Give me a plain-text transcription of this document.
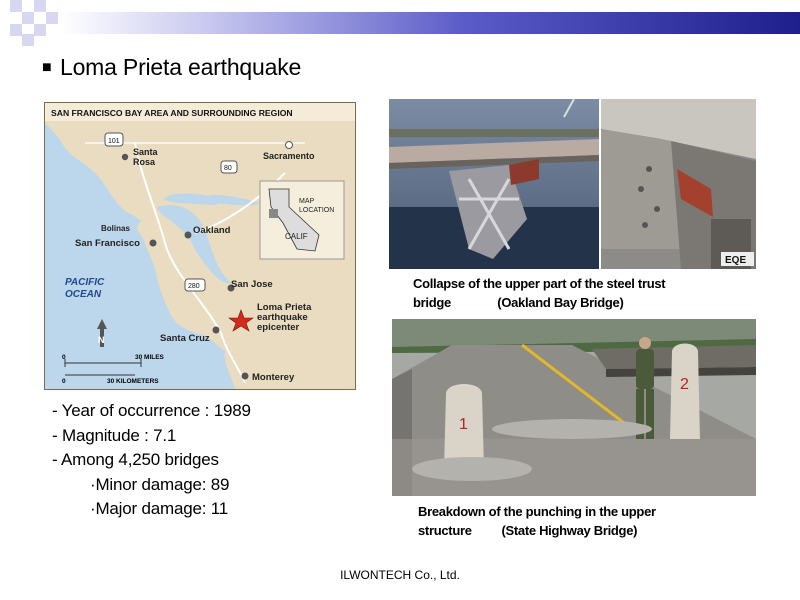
■ Loma Prieta earthquake
SAN FRANCISCO BAY AREA AND SURROUNDING REGION
101
80
280
Santa
Rosa
Sacramento
Bolinas	Oakland
San Francisco
San Jose
Santa Cruz
Monterey
PACIFIC
OCEAN
Loma Prieta
earthquake
epicenter
MAP
LOCATION
CALIF
N
0	30 MILES
0	30 KILOMETERS
EQE
Collapse of the upper part of the steel trust
bridge              (Oakland Bay Bridge)
1
2
Breakdown of the punching in the upper
structure         (State Highway Bridge)
- Year of occurrence : 1989
- Magnitude : 7.1
- Among 4,250 bridges
·Minor damage: 89
·Major damage: 11
ILWONTECH Co., Ltd.
